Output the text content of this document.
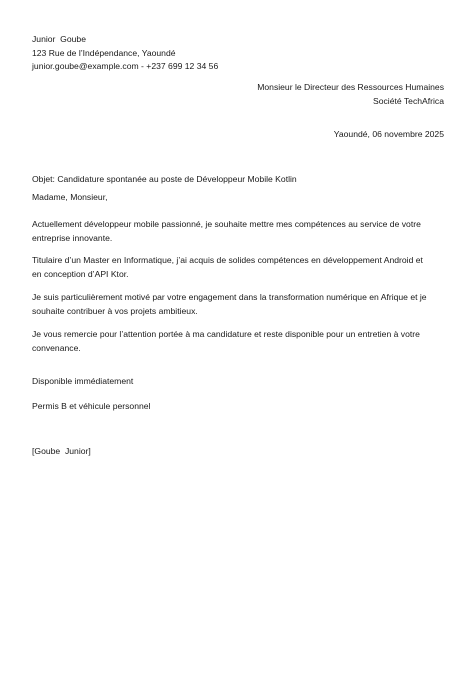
Junior  Goube
123 Rue de l’Indépendance, Yaoundé
junior.goube@example.com - +237 699 12 34 56
Monsieur le Directeur des Ressources Humaines
Société TechAfrica
Yaoundé, 06 novembre 2025
Objet: Candidature spontanée au poste de Développeur Mobile Kotlin
Madame, Monsieur,
Actuellement développeur mobile passionné, je souhaite mettre mes compétences au service de votre
entreprise innovante.
Titulaire d’un Master en Informatique, j’ai acquis de solides compétences en développement Android et
en conception d’API Ktor.
Je suis particulièrement motivé par votre engagement dans la transformation numérique en Afrique et je
souhaite contribuer à vos projets ambitieux.
Je vous remercie pour l’attention portée à ma candidature et reste disponible pour un entretien à votre
convenance.
Disponible immédiatement
Permis B et véhicule personnel
[Goube  Junior]
